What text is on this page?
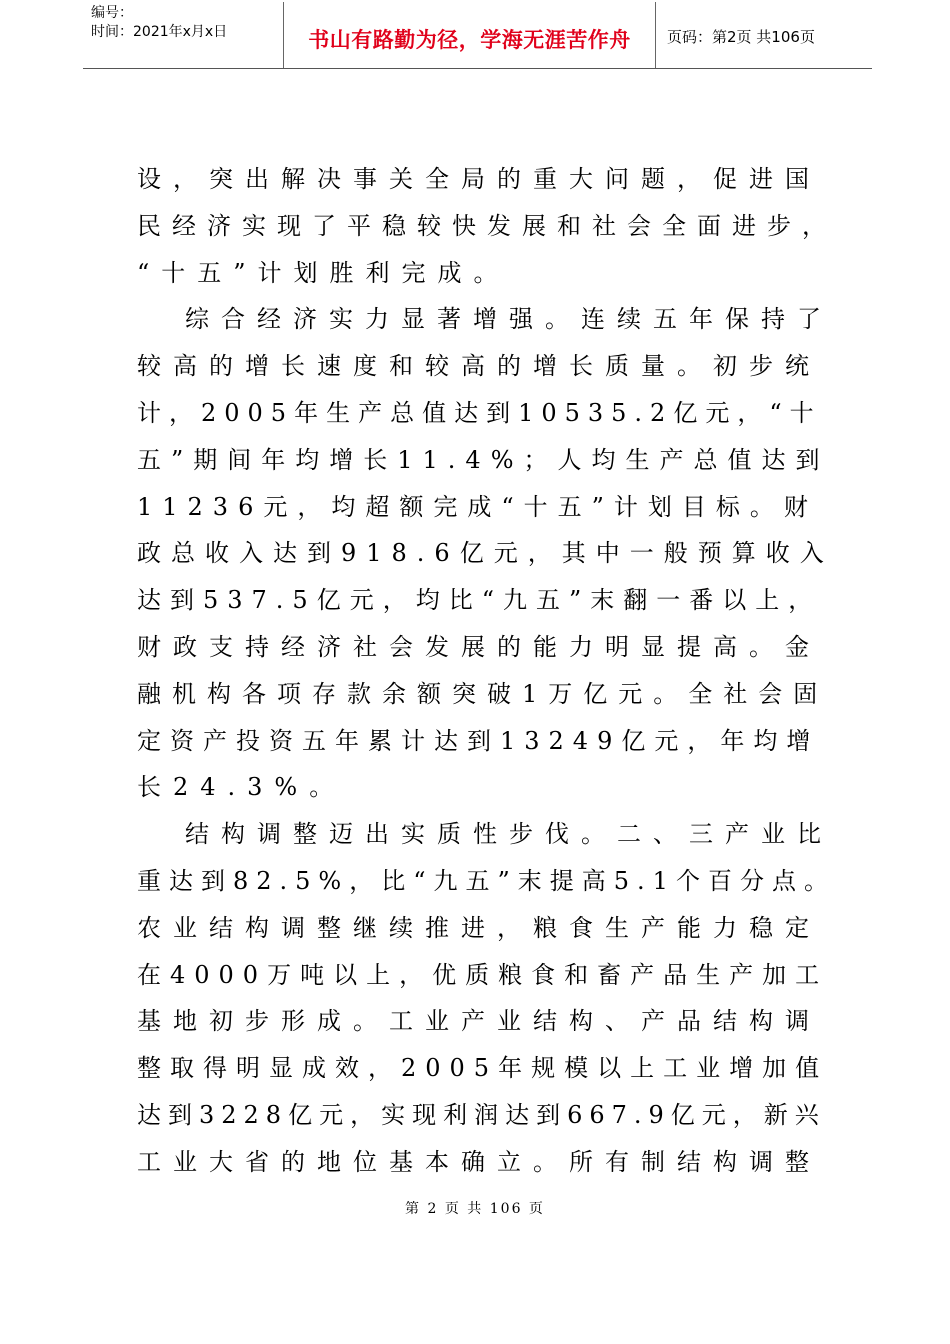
编号：
时间：2021年x月x日	书山有路勤为径，学海无涯苦作舟	页码：第2页 共106页
设，突出解决事关全局的重大问题，促进国
民经济实现了平稳较快发展和社会全面进步，
“十五”计划胜利完成。
综合经济实力显著增强。连续五年保持了
较高的增长速度和较高的增长质量。初步统
计，2005年生产总值达到10535.2亿元，“十
五”期间年均增长11.4%；人均生产总值达到
11236元，均超额完成“十五”计划目标。财
政总收入达到918.6亿元，其中一般预算收入
达到537.5亿元，均比“九五”末翻一番以上，
财政支持经济社会发展的能力明显提高。金
融机构各项存款余额突破1万亿元。全社会固
定资产投资五年累计达到13249亿元，年均增
长24.3%。
结构调整迈出实质性步伐。二、三产业比
重达到82.5%，比“九五”末提高5.1个百分点。
农业结构调整继续推进，粮食生产能力稳定
在4000万吨以上，优质粮食和畜产品生产加工
基地初步形成。工业产业结构、产品结构调
整取得明显成效，2005年规模以上工业增加值
达到3228亿元，实现利润达到667.9亿元，新兴
工业大省的地位基本确立。所有制结构调整
第 2 页 共 106 页
